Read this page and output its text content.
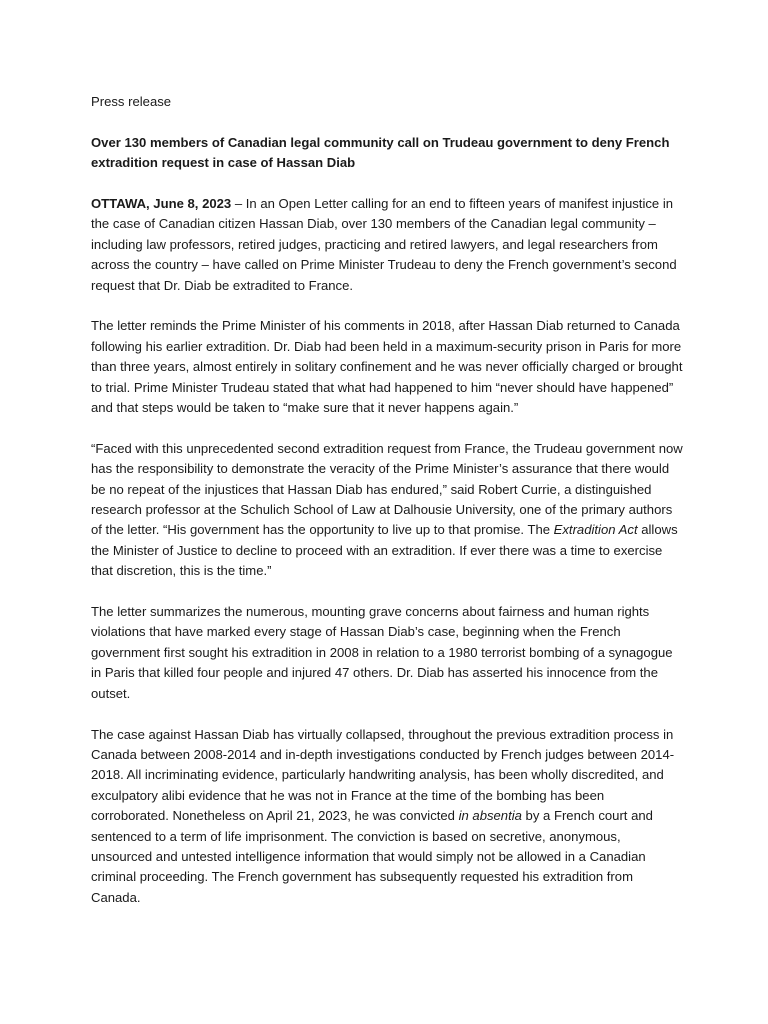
Press release

Over 130 members of Canadian legal community call on Trudeau government to deny French extradition request in case of Hassan Diab

OTTAWA, June 8, 2023 – In an Open Letter calling for an end to fifteen years of manifest injustice in the case of Canadian citizen Hassan Diab, over 130 members of the Canadian legal community – including law professors, retired judges, practicing and retired lawyers, and legal researchers from across the country – have called on Prime Minister Trudeau to deny the French government’s second request that Dr. Diab be extradited to France.

The letter reminds the Prime Minister of his comments in 2018, after Hassan Diab returned to Canada following his earlier extradition. Dr. Diab had been held in a maximum-security prison in Paris for more than three years, almost entirely in solitary confinement and he was never officially charged or brought to trial. Prime Minister Trudeau stated that what had happened to him “never should have happened” and that steps would be taken to “make sure that it never happens again.”

“Faced with this unprecedented second extradition request from France, the Trudeau government now has the responsibility to demonstrate the veracity of the Prime Minister’s assurance that there would be no repeat of the injustices that Hassan Diab has endured,” said Robert Currie, a distinguished research professor at the Schulich School of Law at Dalhousie University, one of the primary authors of the letter. “His government has the opportunity to live up to that promise. The Extradition Act allows the Minister of Justice to decline to proceed with an extradition. If ever there was a time to exercise that discretion, this is the time.”

The letter summarizes the numerous, mounting grave concerns about fairness and human rights violations that have marked every stage of Hassan Diab’s case, beginning when the French government first sought his extradition in 2008 in relation to a 1980 terrorist bombing of a synagogue in Paris that killed four people and injured 47 others. Dr. Diab has asserted his innocence from the outset.

The case against Hassan Diab has virtually collapsed, throughout the previous extradition process in Canada between 2008-2014 and in-depth investigations conducted by French judges between 2014-2018. All incriminating evidence, particularly handwriting analysis, has been wholly discredited, and exculpatory alibi evidence that he was not in France at the time of the bombing has been corroborated. Nonetheless on April 21, 2023, he was convicted in absentia by a French court and sentenced to a term of life imprisonment. The conviction is based on secretive, anonymous, unsourced and untested intelligence information that would simply not be allowed in a Canadian criminal proceeding. The French government has subsequently requested his extradition from Canada.
